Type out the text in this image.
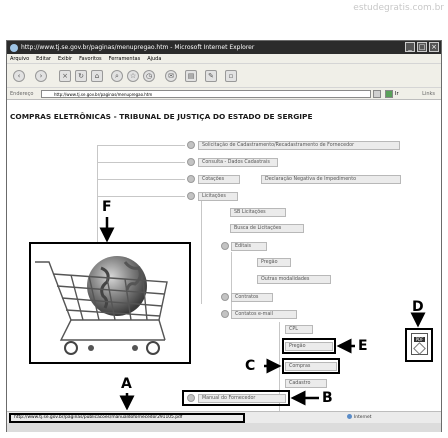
estudegratis.com.br
http://www.tj.se.gov.br/paginas/menupregao.htm - Microsoft Internet Explorer	_ □ ×
Arquivo Editar Exibir Favoritos Ferramentas Ajuda
‹	›	×	↻	⌂	⌕	☆	◷	✉	▤	✎	▫
Endereço	http://www.tj.se.gov.br/paginas/menupregao.htm	Ir	Links
COMPRAS ELETRÔNICAS - TRIBUNAL DE JUSTIÇA DO ESTADO DE SERGIPE
Solicitação de Cadastramento/Recadastramento de Fornecedor
Consulta - Dados Cadastrais
Cotações	Declaração Negativa de Impedimento
Licitações
SB Licitações
Busca de Licitações
Editais
Pregão
Outras modalidades
Contratos
Contatos e-mail
CPL
Pregão
Compras
Cadastro
Manual do Fornecedor
PDF
F
D
E
C
B
A
http://www.tj.se.gov.br/paginas/publicacoes/manualdofornecedor291105.pdf	Internet
